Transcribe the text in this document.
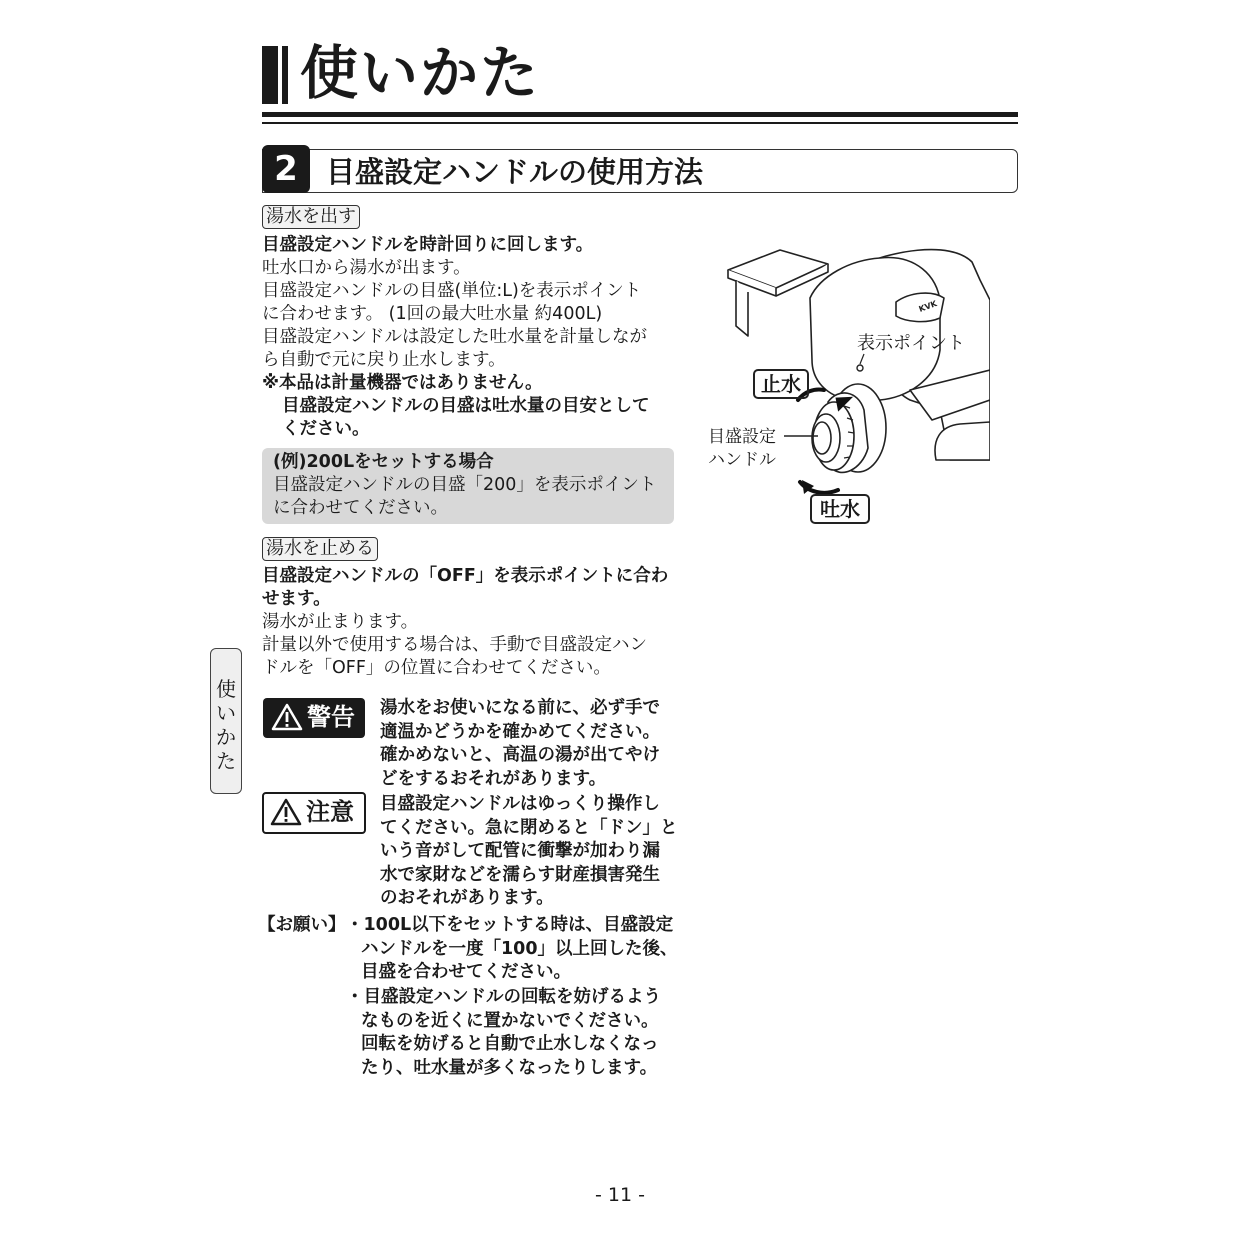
使いかた
2 目盛設定ハンドルの使用方法
湯水を出す
目盛設定ハンドルを時計回りに回します。
吐水口から湯水が出ます。
目盛設定ハンドルの目盛(単位:L)を表示ポイント
に合わせます。 (1回の最大吐水量 約400L)
目盛設定ハンドルは設定した吐水量を計量しなが
ら自動で元に戻り止水します。
※本品は計量機器ではありません。
目盛設定ハンドルの目盛は吐水量の目安として
ください。
(例)200Lをセットする場合
目盛設定ハンドルの目盛「200」を表示ポイント
に合わせてください。
湯水を止める
目盛設定ハンドルの「OFF」を表示ポイントに合わ
せます。
湯水が止まります。
計量以外で使用する場合は、手動で目盛設定ハン
ドルを「OFF」の位置に合わせてください。
使
い
か
た
警告 湯水をお使いになる前に、必ず手で
適温かどうかを確かめてください。
確かめないと、高温の湯が出てやけ
どをするおそれがあります。
注意 目盛設定ハンドルはゆっくり操作し
てください。急に閉めると「ドン」と
いう音がして配管に衝撃が加わり漏
水で家財などを濡らす財産損害発生
のおそれがあります。
【お願い】 ・100L以下をセットする時は、目盛設定
ハンドルを一度「100」以上回した後、
目盛を合わせてください。
・目盛設定ハンドルの回転を妨げるよう
なものを近くに置かないでください。
回転を妨げると自動で止水しなくなっ
たり、吐水量が多くなったりします。
KVK
表示ポイント
止水
吐水
目盛設定
ハンドル
- 11 -
